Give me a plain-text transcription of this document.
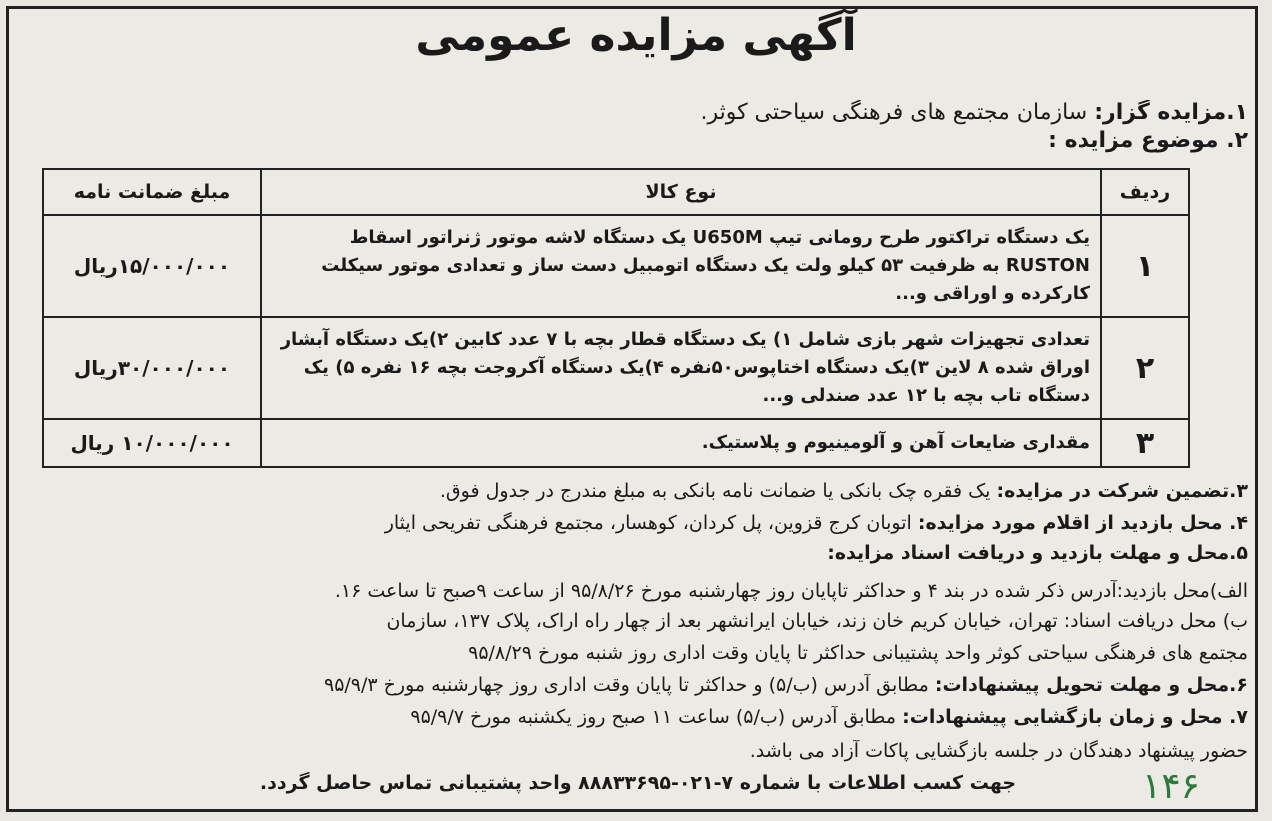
آگهی مزایده عمومی
۱.مزایده گزار: سازمان مجتمع های فرهنگی سیاحتی کوثر.
۲. موضوع مزایده :
ردیف	نوع کالا	مبلغ ضمانت نامه
۱	یک دستگاه تراکتور طرح رومانی تیپ U650M یک دستگاه لاشه موتور ژنراتور اسقاط RUSTON به ظرفیت ۵۳ کیلو ولت یک دستگاه اتومبیل دست ساز و تعدادی موتور سیکلت کارکرده و اوراقی و...	۱۵/۰۰۰/۰۰۰ریال
۲	تعدادی تجهیزات شهر بازی شامل ۱) یک دستگاه قطار بچه با ۷ عدد کابین ۲)یک دستگاه آبشار اوراق شده ۸ لاین ۳)یک دستگاه اختاپوس۵۰نفره ۴)یک دستگاه آکروجت بچه ۱۶ نفره ۵) یک دستگاه تاب بچه با ۱۲ عدد صندلی و...	۳۰/۰۰۰/۰۰۰ریال
۳	مقداری ضایعات آهن و آلومینیوم و پلاستیک.	۱۰/۰۰۰/۰۰۰ ریال
۳.تضمین شرکت در مزایده: یک فقره چک بانکی یا ضمانت نامه بانکی به مبلغ مندرج در جدول فوق.
۴. محل بازدید از اقلام مورد مزایده: اتوبان کرج قزوین، پل کردان، کوهسار، مجتمع فرهنگی تفریحی ایثار
۵.محل و مهلت بازدید و دریافت اسناد مزایده:
الف)محل بازدید:آدرس ذکر شده در بند ۴ و حداکثر تاپایان روز چهارشنبه مورخ ۹۵/۸/۲۶ از ساعت ۹صبح تا ساعت ۱۶.
ب) محل دریافت اسناد: تهران، خیابان کریم خان زند، خیابان ایرانشهر بعد از چهار راه اراک، پلاک ۱۳۷، سازمان
مجتمع های فرهنگی سیاحتی کوثر واحد پشتیبانی حداکثر تا پایان وقت اداری روز شنبه مورخ ۹۵/۸/۲۹
۶.محل و مهلت تحویل پیشنهادات: مطابق آدرس (ب/۵) و حداکثر تا پایان وقت اداری روز چهارشنبه مورخ ۹۵/۹/۳
۷. محل و زمان بازگشایی پیشنهادات: مطابق آدرس (ب/۵) ساعت ۱۱ صبح روز یکشنبه مورخ ۹۵/۹/۷
حضور پیشنهاد دهندگان در جلسه بازگشایی پاکات آزاد می باشد.
جهت کسب اطلاعات با شماره ۷-۰۲۱-۸۸۸۳۳۶۹۵ واحد پشتیبانی تماس حاصل گردد.	۱۴۶
